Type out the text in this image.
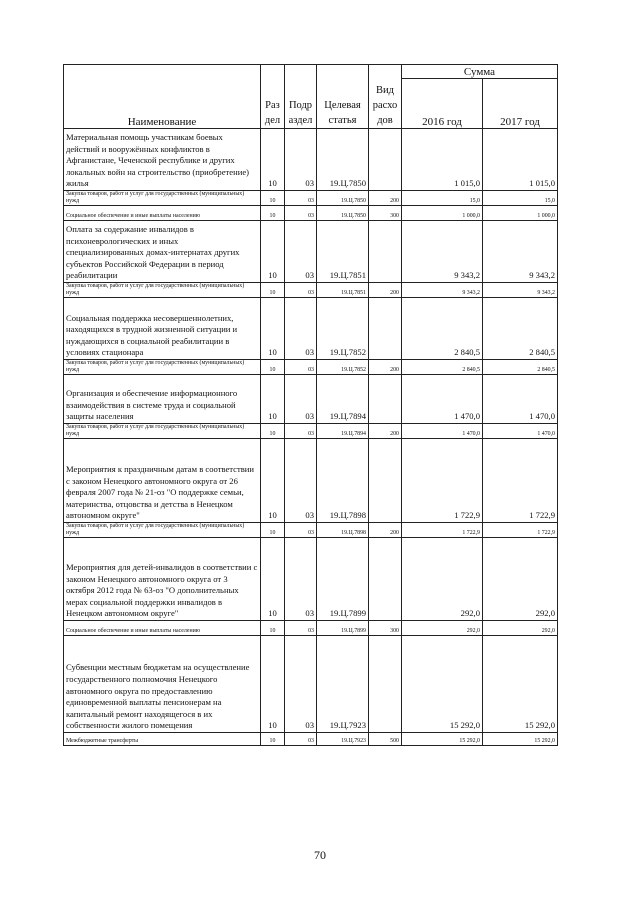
Наименование	Раз дел	Подр аздел	Целевая статья	Вид расхо дов	Сумма	
					2016 год	2017 год
Материальная помощь участникам боевых действий и вооружённых конфликтов в Афганистане, Чеченской республике и других локальных войн на строительство (приобретение) жилья	10	03	19.Ц.7850		1 015,0	1 015,0
Закупка товаров, работ и услуг для государственных (муниципальных) нужд	10	03	19.Ц.7850	200	15,0	15,0
Социальное обеспечение и иные выплаты населению	10	03	19.Ц.7850	300	1 000,0	1 000,0
Оплата за содержание инвалидов в психоневрологических и иных специализированных домах-интернатах других субъектов Российской Федерации в период реабилитации	10	03	19.Ц.7851		9 343,2	9 343,2
Закупка товаров, работ и услуг для государственных (муниципальных) нужд	10	03	19.Ц.7851	200	9 343,2	9 343,2
Социальная поддержка несовершеннолетних, находящихся в трудной жизненной ситуации и нуждающихся в социальной реабилитации в условиях стационара	10	03	19.Ц.7852		2 840,5	2 840,5
Закупка товаров, работ и услуг для государственных (муниципальных) нужд	10	03	19.Ц.7852	200	2 840,5	2 840,5
Организация и обеспечение информационного взаимодействия в системе труда и социальной защиты населения	10	03	19.Ц.7894		1 470,0	1 470,0
Закупка товаров, работ и услуг для государственных (муниципальных) нужд	10	03	19.Ц.7894	200	1 470,0	1 470,0
Мероприятия к праздничным датам в соответствии с законом Ненецкого автономного округа от 26 февраля 2007 года № 21-оз "О поддержке семьи, материнства, отцовства и детства в Ненецком автономном округе"	10	03	19.Ц.7898		1 722,9	1 722,9
Закупка товаров, работ и услуг для государственных (муниципальных) нужд	10	03	19.Ц.7898	200	1 722,9	1 722,9
Мероприятия для детей-инвалидов в соответствии с законом Ненецкого автономного округа от 3 октября 2012 года № 63-оз "О дополнительных мерах социальной поддержки инвалидов в Ненецком автономном округе"	10	03	19.Ц.7899		292,0	292,0
Социальное обеспечение и иные выплаты населению	10	03	19.Ц.7899	300	292,0	292,0
Субвенции местным бюджетам на осуществление государственного полномочия Ненецкого автономного округа по предоставлению единовременной выплаты пенсионерам на капитальный ремонт находящегося в их собственности жилого помещения	10	03	19.Ц.7923		15 292,0	15 292,0
Межбюджетные трансферты	10	03	19.Ц.7923	500	15 292,0	15 292,0
70
